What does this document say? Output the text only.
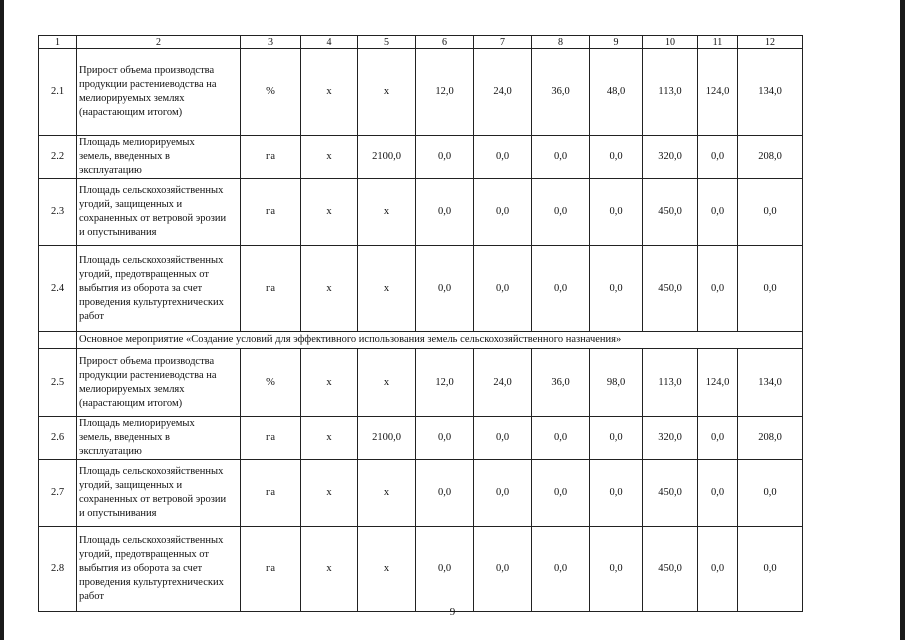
1	2	3	4	5	6	7	8	9	10	11	12
2.1	Прирост объема производства
продукции растениеводства на
мелиорируемых землях
(нарастающим итогом)	%	x	x	12,0	24,0	36,0	48,0	113,0	124,0	134,0
2.2	Площадь мелиорируемых
земель, введенных в
эксплуатацию	га	x	2100,0	0,0	0,0	0,0	0,0	320,0	0,0	208,0
2.3	Площадь сельскохозяйственных
угодий, защищенных и
сохраненных от ветровой эрозии
и опустынивания	га	x	x	0,0	0,0	0,0	0,0	450,0	0,0	0,0
2.4	Площадь сельскохозяйственных
угодий, предотвращенных от
выбытия из оборота за счет
проведения культуртехнических
работ	га	x	x	0,0	0,0	0,0	0,0	450,0	0,0	0,0
	Основное мероприятие «Создание условий для эффективного использования земель сельскохозяйственного назначения»										
2.5	Прирост объема производства
продукции растениеводства на
мелиорируемых землях
(нарастающим итогом)	%	x	x	12,0	24,0	36,0	98,0	113,0	124,0	134,0
2.6	Площадь мелиорируемых
земель, введенных в
эксплуатацию	га	x	2100,0	0,0	0,0	0,0	0,0	320,0	0,0	208,0
2.7	Площадь сельскохозяйственных
угодий, защищенных и
сохраненных от ветровой эрозии
и опустынивания	га	x	x	0,0	0,0	0,0	0,0	450,0	0,0	0,0
2.8	Площадь сельскохозяйственных
угодий, предотвращенных от
выбытия из оборота за счет
проведения культуртехнических
работ	га	x	x	0,0	0,0	0,0	0,0	450,0	0,0	0,0
9
